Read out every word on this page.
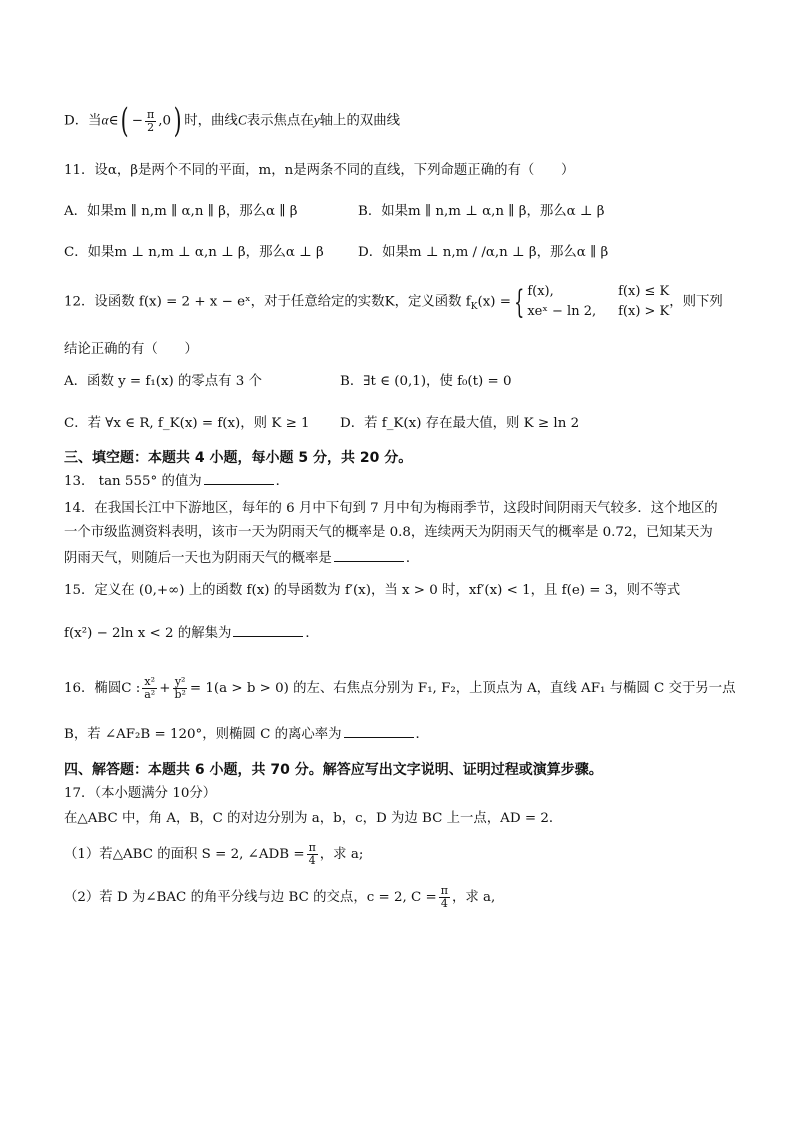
D．当α∈( − $\frac{\pi}{2} ,0$) 时，曲线C表示焦点在y轴上的双曲线
11．设α，β是两个不同的平面，m，n是两条不同的直线，下列命题正确的有（　　）
A．如果m ∥ n,m ∥ α,n ∥ β，那么α ∥ β	B．如果m ∥ n,m ⊥ α,n ∥ β，那么α ⊥ β
C．如果m ⊥ n,m ⊥ α,n ⊥ β，那么α ⊥ β	D．如果m ⊥ n,m / /α,n ⊥ β，那么α ∥ β
12．设函数 f(x) = 2 + x − eˣ，对于任意给定的实数K，定义函数 $f_K(x)$ ={ f(x),	f(x) ≤ K
xeˣ − ln 2, f(x) > K
，则下列
结论正确的有（　　）
A．函数 y = f₁(x) 的零点有 3 个	B．∃t ∈ (0,1)，使 f₀(t) = 0
C．若 ∀x ∈ R, f_K(x) = f(x)，则 K ≥ 1 D．若 f_K(x) 存在最大值，则 K ≥ ln 2
三、填空题：本题共 4 小题，每小题 5 分，共 20 分。
13． tan 555° 的值为	．
14．在我国长江中下游地区，每年的 6 月中下旬到 7 月中旬为梅雨季节，这段时间阴雨天气较多．这个地区的
一个市级监测资料表明，该市一天为阴雨天气的概率是 0.8，连续两天为阴雨天气的概率是 0.72，已知某天为
阴雨天气，则随后一天也为阴雨天气的概率是	．
15．定义在 (0,+∞) 上的函数 f(x) 的导函数为 f′(x)，当 x > 0 时，xf′(x) < 1，且 f(e) = 3，则不等式
f(x²) − 2ln x < 2 的解集为	．
16．椭圆C : $\frac{\text{x²}}{\text{a²}} + \frac{\text{y²}}{\text{b²}} = 1(a > b > 0)$ 的左、右焦点分别为 F₁, F₂，上顶点为 A，直线 AF₁ 与椭圆 C 交于另一点
B，若 ∠AF₂B = 120°，则椭圆 C 的离心率为	．
四、解答题：本题共 6 小题，共 70 分。解答应写出文字说明、证明过程或演算步骤。
17．（本小题满分 10分）
在△ABC 中，角 A，B，C 的对边分别为 a，b，c，D 为边 BC 上一点，AD = 2．
（1）若△ABC 的面积 S = 2, ∠ADB = $\frac{\pi}{4}$ ，求 a;
（2）若 D 为∠BAC 的角平分线与边 BC 的交点，c = 2, $C = \frac{\pi}{4}$ ，求 a,
